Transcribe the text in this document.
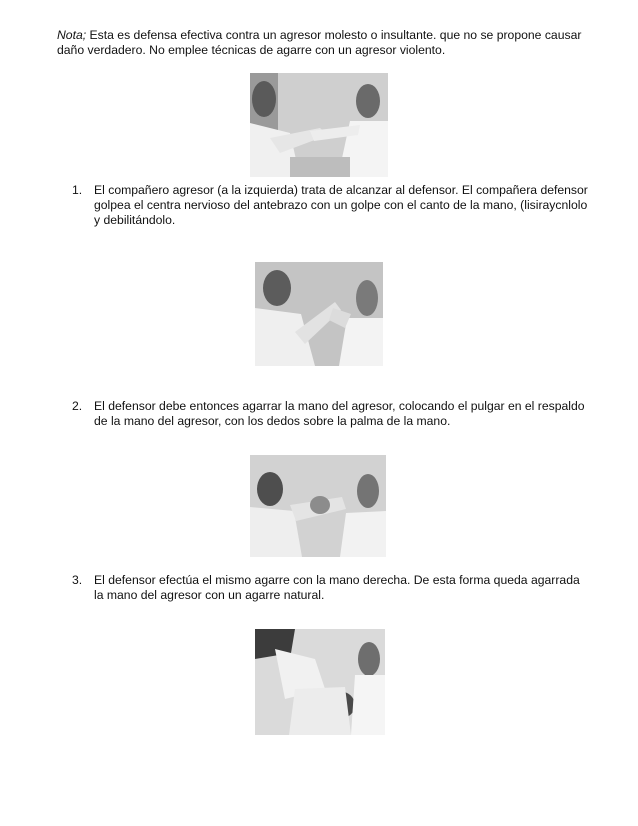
Nota; Esta es defensa efectiva contra un agresor molesto o insultante. que no se propone causar daño verdadero. No emplee técnicas de agarre con un agresor violento.
1. El compañero agresor (a la izquierda) trata de alcanzar al defensor. El compañera defensor golpea el centra nervioso del antebrazo con un golpe con el canto de la mano, (lisiraycnlolo y debilitándolo.
2. El defensor debe entonces agarrar la mano del agresor, colocando el pulgar en el respaldo de la mano del agresor, con los dedos sobre la palma de la mano.
3. El defensor efectúa el mismo agarre con la mano derecha. De esta forma queda agarrada la mano del agresor con un agarre natural.
